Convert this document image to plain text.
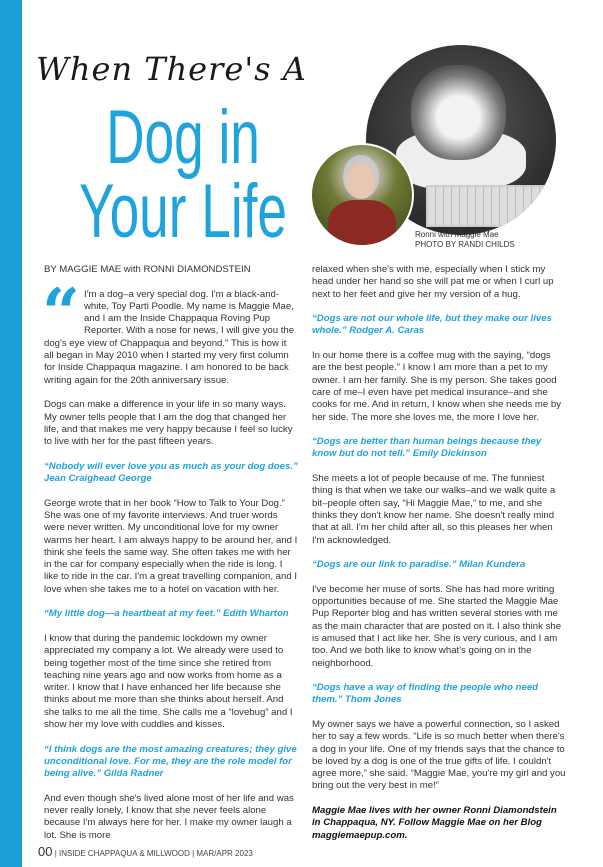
When There's A
Dog in
Your Life	Ronni with Maggie Mae
PHOTO BY RANDI CHILDS

BY MAGGIE MAE with RONNI DIAMONDSTEIN

“ I'm a dog–a very special dog. I'm a black-and-white, Toy Parti Poodle. My name is Maggie Mae, and I am the Inside Chappaqua Roving Pup Reporter. With a nose for news, I will give you the dog's eye view of Chappaqua and beyond." This is how it all began in May 2010 when I started my very first column for Inside Chappaqua magazine. I am honored to be back writing again for the 20th anniversary issue.

Dogs can make a difference in your life in so many ways. My owner tells people that I am the dog that changed her life, and that makes me very happy because I feel so lucky to live with her for the past fifteen years.

“Nobody will ever love you as much as your dog does.” Jean Craighead George

George wrote that in her book “How to Talk to Your Dog.” She was one of my favorite interviews. And truer words were never written. My unconditional love for my owner warms her heart. I am always happy to be around her, and I think she feels the same way. She often takes me with her in the car for company especially when the ride is long. I like to ride in the car. I'm a great travelling companion, and I love when she takes me to a hotel on vacation with her.

“My little dog—a heartbeat at my feet.” Edith Wharton

I know that during the pandemic lockdown my owner appreciated my company a lot. We already were used to being together most of the time since she retired from teaching nine years ago and now works from home as a writer. I know that I have enhanced her life because she thinks about me more than she thinks about herself. And she talks to me all the time. She calls me a “lovebug” and I show her my love with cuddles and kisses.

“I think dogs are the most amazing creatures; they give unconditional love. For me, they are the role model for being alive.” Gilda Radner

And even though she's lived alone most of her life and was never really lonely, I know that she never feels alone because I'm always here for her. I make my owner laugh a lot. She is more

relaxed when she's with me, especially when I stick my head under her hand so she will pat me or when I curl up next to her feet and give her my version of a hug.

“Dogs are not our whole life, but they make our lives whole.” Rodger A. Caras

In our home there is a coffee mug with the saying, “dogs are the best people.” I know I am more than a pet to my owner. I am her family. She is my person. She takes good care of me–I even have pet medical insurance–and she cooks for me. And in return, I know when she needs me by her side. The more she loves me, the more I love her.

“Dogs are better than human beings because they know but do not tell.” Emily Dickinson

She meets a lot of people because of me. The funniest thing is that when we take our walks–and we walk quite a bit–people often say, “Hi Maggie Mae,” to me, and she thinks they don't know her name. She doesn't really mind that at all. I'm her child after all, so this pleases her when I'm acknowledged.

“Dogs are our link to paradise.” Milan Kundera

I've become her muse of sorts. She has had more writing opportunities because of me. She started the Maggie Mae Pup Reporter blog and has written several stories with me as the main character that are posted on it. I also think she is amused that I act like her. She is very curious, and I am too. And we both like to know what's going on in the neighborhood.

“Dogs have a way of finding the people who need them.” Thom Jones

My owner says we have a powerful connection, so I asked her to say a few words. “Life is so much better when there's a dog in your life. One of my friends says that the chance to be loved by a dog is one of the true gifts of life. I couldn't agree more,” she said. “Maggie Mae, you're my girl and you bring out the very best in me!”

Maggie Mae lives with her owner Ronni Diamondstein in Chappaqua, NY. Follow Maggie Mae on her Blog maggiemaepup.com.

00 | INSIDE CHAPPAQUA & MILLWOOD | MAR/APR 2023
